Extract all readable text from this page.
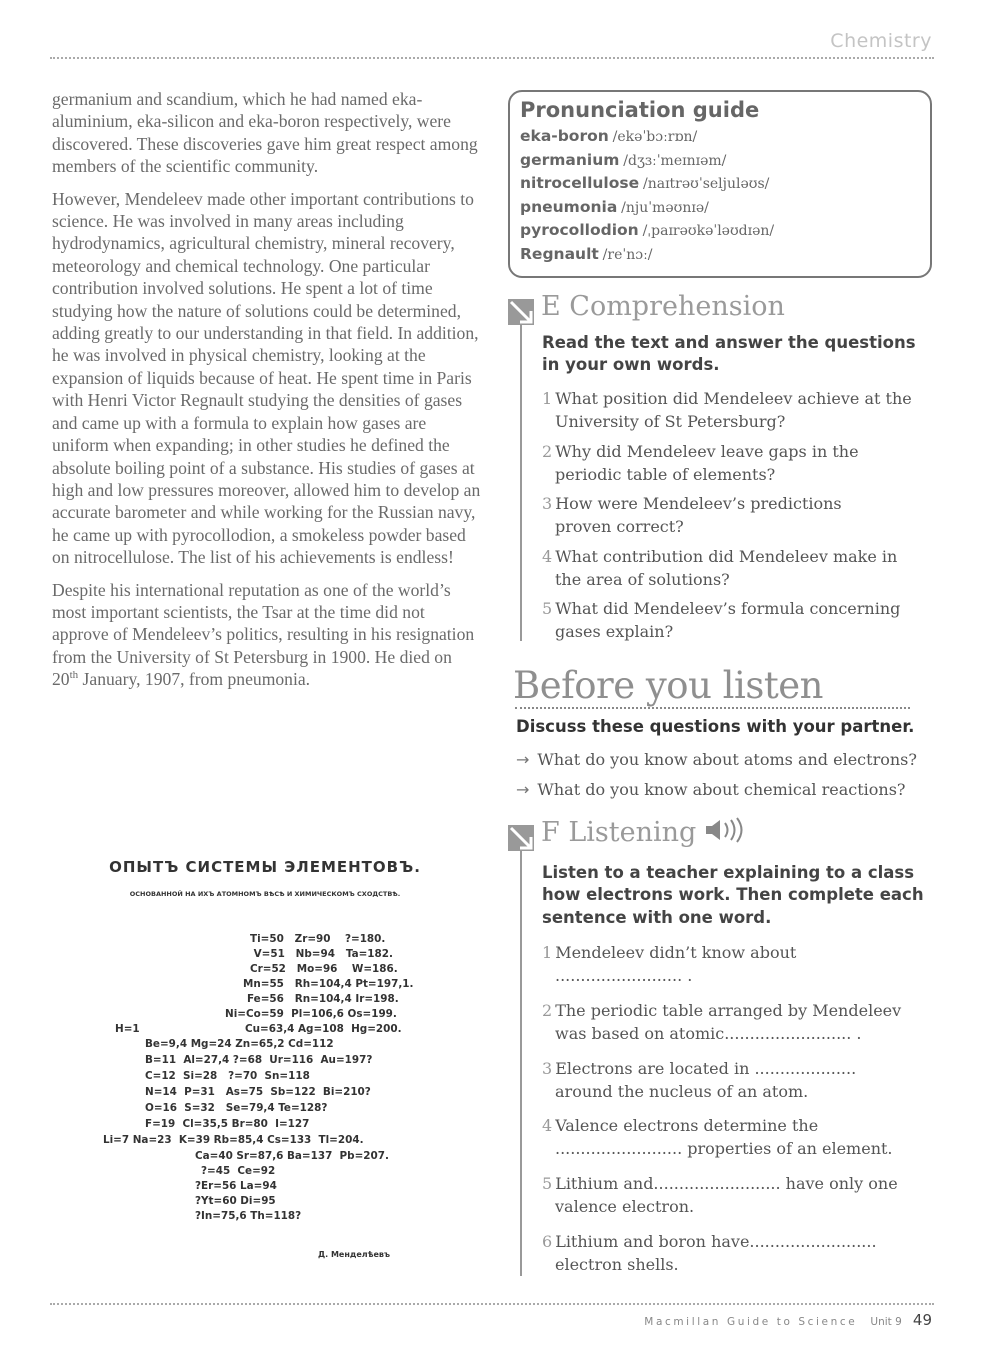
Chemistry

germanium and scandium, which he had named eka-aluminium, eka-silicon and eka-boron respectively, were discovered. These discoveries gave him great respect among members of the scientific community.

However, Mendeleev made other important contributions to science. He was involved in many areas including hydrodynamics, agricultural chemistry, mineral recovery, meteorology and chemical technology. One particular contribution involved solutions. He spent a lot of time studying how the nature of solutions could be determined, adding greatly to our understanding in that field. In addition, he was involved in physical chemistry, looking at the expansion of liquids because of heat. He spent time in Paris with Henri Victor Regnault studying the densities of gases and came up with a formula to explain how gases are uniform when expanding; in other studies he defined the absolute boiling point of a substance. His studies of gases at high and low pressures moreover, allowed him to develop an accurate barometer and while working for the Russian navy, he came up with pyrocollodion, a smokeless powder based on nitrocellulose. The list of his achievements is endless!

Despite his international reputation as one of the world’s most important scientists, the Tsar at the time did not approve of Mendeleev’s politics, resulting in his resignation from the University of St Petersburg in 1900. He died on 20th January, 1907, from pneumonia.

ОПЫТЪ СИСТЕМЫ ЭЛЕМЕНТОВЪ.
ОСНОВАННОЙ НА ИХЪ АТОМНОМЪ ВѢСѢ И ХИМИЧЕСКОМЪ СХОДСТВѢ.
Ti=50   Zr=90    ?=180.
V=51   Nb=94   Ta=182.
Cr=52   Mo=96    W=186.
Mn=55   Rh=104,4 Pt=197,1.
Fe=56   Rn=104,4 Ir=198.
Ni=Co=59  Pl=106,6 Os=199.
H=1	Cu=63,4 Ag=108  Hg=200.
Be=9,4 Mg=24 Zn=65,2 Cd=112
B=11  Al=27,4 ?=68  Ur=116  Au=197?
C=12  Si=28   ?=70  Sn=118
N=14  P=31   As=75  Sb=122  Bi=210?
O=16  S=32   Se=79,4 Te=128?
F=19  Cl=35,5 Br=80  I=127
Li=7 Na=23  K=39 Rb=85,4 Cs=133  Tl=204.
Ca=40 Sr=87,6 Ba=137  Pb=207.
?=45  Ce=92
?Er=56 La=94
?Yt=60 Di=95
?In=75,6 Th=118?
Д. Менделѣевъ
Pronunciation guide
eka-boron /ekəˈbɔːrɒn/
germanium /dʒɜːˈmeɪnɪəm/
nitrocellulose /naɪtrəʊˈseljuləʊs/
pneumonia /njuˈməʊnɪə/
pyrocollodion /ˌpaɪrəʊkəˈləʊdɪən/
Regnault /reˈnɔː/
E Comprehension
Read the text and answer the questions in your own words.
1 What position did Mendeleev achieve at the
University of St Petersburg?
2 Why did Mendeleev leave gaps in the
periodic table of elements?
3 How were Mendeleev’s predictions
proven correct?
4 What contribution did Mendeleev make in
the area of solutions?
5 What did Mendeleev’s formula concerning
gases explain?
Before you listen
Discuss these questions with your partner.
→ What do you know about atoms and electrons?
→ What do you know about chemical reactions?
F Listening
Listen to a teacher explaining to a class how electrons work. Then complete each sentence with one word.
1 Mendeleev didn’t know about
......................... .
2 The periodic table arranged by Mendeleev
was based on atomic......................... .
3 Electrons are located in ....................
around the nucleus of an atom.
4 Valence electrons determine the
......................... properties of an element.
5 Lithium and......................... have only one
valence electron.
6 Lithium and boron have.........................
electron shells.
Macmillan Guide to Science Unit 9 49
